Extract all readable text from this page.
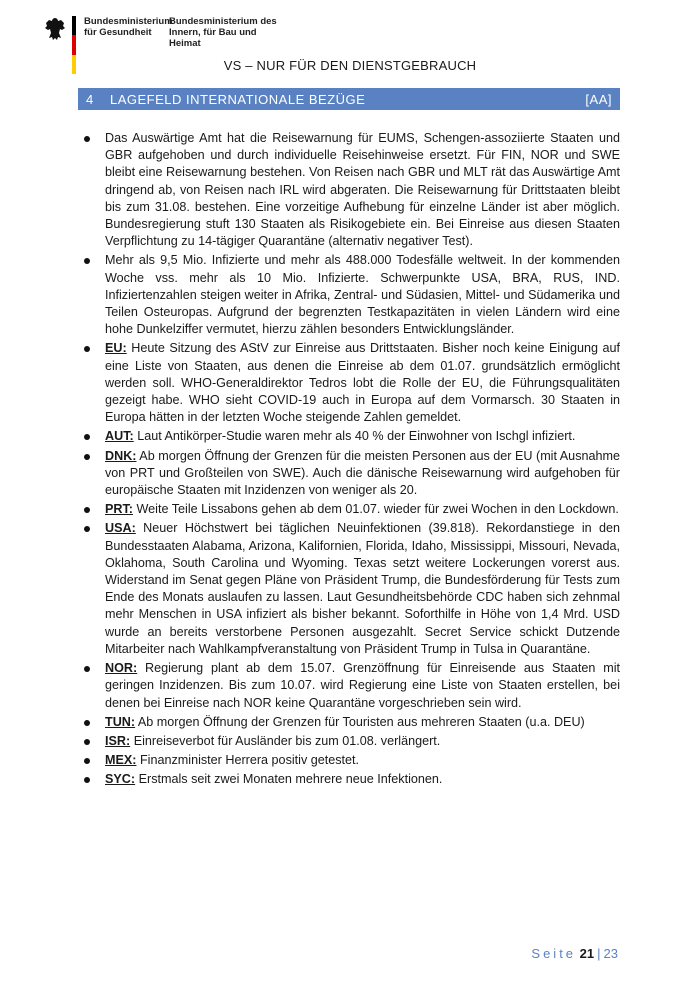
Bundesministerium für Gesundheit
Bundesministerium des Innern, für Bau und Heimat
VS – NUR FÜR DEN DIENSTGEBRAUCH
4	LAGEFELD INTERNATIONALE BEZÜGE	[AA]
Das Auswärtige Amt hat die Reisewarnung für EUMS, Schengen-assoziierte Staaten und GBR aufgehoben und durch individuelle Reisehinweise ersetzt. Für FIN, NOR und SWE bleibt eine Reisewarnung bestehen. Von Reisen nach GBR und MLT rät das Auswärtige Amt dringend ab, von Reisen nach IRL wird abgeraten. Die Reisewarnung für Drittstaaten bleibt bis zum 31.08. bestehen. Eine vorzeitige Aufhebung für einzelne Länder ist aber möglich. Bundesregierung stuft 130 Staaten als Risikogebiete ein. Bei Einreise aus diesen Staaten Verpflichtung zu 14-tägiger Quarantäne (alternativ negativer Test).
Mehr als 9,5 Mio. Infizierte und mehr als 488.000 Todesfälle weltweit. In der kommenden Woche vss. mehr als 10 Mio. Infizierte. Schwerpunkte USA, BRA, RUS, IND. Infiziertenzahlen steigen weiter in Afrika, Zentral- und Südasien, Mittel- und Südamerika und Teilen Osteuropas. Aufgrund der begrenzten Testkapazitäten in vielen Ländern wird eine hohe Dunkelziffer vermutet, hierzu zählen besonders Entwicklungsländer.
EU: Heute Sitzung des AStV zur Einreise aus Drittstaaten. Bisher noch keine Einigung auf eine Liste von Staaten, aus denen die Einreise ab dem 01.07. grundsätzlich ermöglicht werden soll. WHO-Generaldirektor Tedros lobt die Rolle der EU, die Führungsqualitäten gezeigt habe. WHO sieht COVID-19 auch in Europa auf dem Vormarsch. 30 Staaten in Europa hätten in der letzten Woche steigende Zahlen gemeldet.
AUT: Laut Antikörper-Studie waren mehr als 40 % der Einwohner von Ischgl infiziert.
DNK: Ab morgen Öffnung der Grenzen für die meisten Personen aus der EU (mit Ausnahme von PRT und Großteilen von SWE). Auch die dänische Reisewarnung wird aufgehoben für europäische Staaten mit Inzidenzen von weniger als 20.
PRT: Weite Teile Lissabons gehen ab dem 01.07. wieder für zwei Wochen in den Lockdown.
USA: Neuer Höchstwert bei täglichen Neuinfektionen (39.818). Rekordanstiege in den Bundesstaaten Alabama, Arizona, Kalifornien, Florida, Idaho, Mississippi, Missouri, Nevada, Oklahoma, South Carolina und Wyoming. Texas setzt weitere Lockerungen vorerst aus. Widerstand im Senat gegen Pläne von Präsident Trump, die Bundesförderung für Tests zum Ende des Monats auslaufen zu lassen. Laut Gesundheitsbehörde CDC haben sich zehnmal mehr Menschen in USA infiziert als bisher bekannt. Soforthilfe in Höhe von 1,4 Mrd. USD wurde an bereits verstorbene Personen ausgezahlt. Secret Service schickt Dutzende Mitarbeiter nach Wahlkampfveranstaltung von Präsident Trump in Tulsa in Quarantäne.
NOR: Regierung plant ab dem 15.07. Grenzöffnung für Einreisende aus Staaten mit geringen Inzidenzen. Bis zum 10.07. wird Regierung eine Liste von Staaten erstellen, bei denen bei Einreise nach NOR keine Quarantäne vorgeschrieben sein wird.
TUN: Ab morgen Öffnung der Grenzen für Touristen aus mehreren Staaten (u.a. DEU)
ISR: Einreiseverbot für Ausländer bis zum 01.08. verlängert.
MEX: Finanzminister Herrera positiv getestet.
SYC: Erstmals seit zwei Monaten mehrere neue Infektionen.
Seite 21 | 23
